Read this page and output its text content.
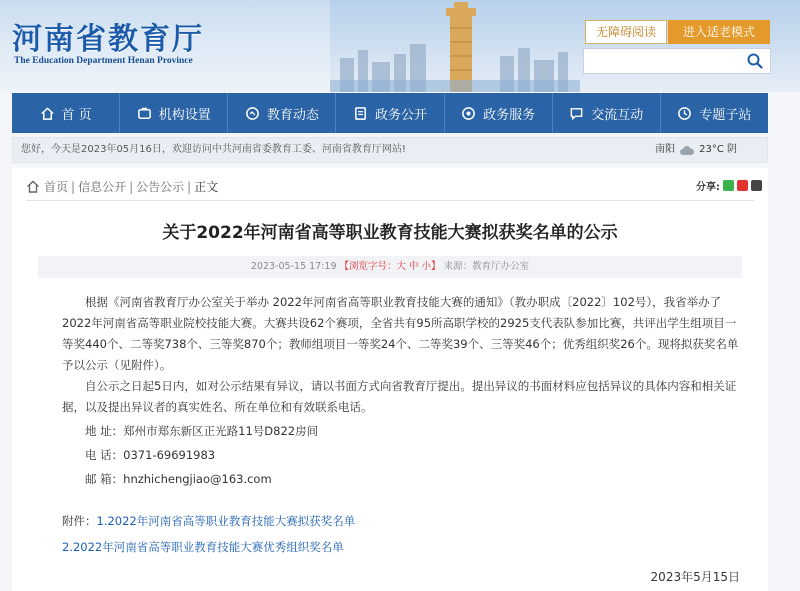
河南省教育厅
The Education Department Henan Province
无障碍阅读	进入适老模式
首 页	机构设置	教育动态	政务公开	政务服务	交流互动	专题子站
您好，今天是2023年05月16日，欢迎访问中共河南省委教育工委、河南省教育厅网站!	南阳 23°C 阴
首页 | 信息公开 | 公告公示 | 正文	分享:
关于2022年河南省高等职业教育技能大赛拟获奖名单的公示
2023-05-15 17:19 【浏览字号：大 中 小】 来源：教育厅办公室

根据《河南省教育厅办公室关于举办 2022年河南省高等职业教育技能大赛的通知》（教办职成〔2022〕102号），我省举办了2022年河南省高等职业院校技能大赛。大赛共设62个赛项，全省共有95所高职学校的2925支代表队参加比赛，共评出学生组项目一等奖440个、二等奖738个、三等奖870个；教师组项目一等奖24个、二等奖39个、三等奖46个；优秀组织奖26个。现将拟获奖名单予以公示（见附件）。

自公示之日起5日内，如对公示结果有异议，请以书面方式向省教育厅提出。提出异议的书面材料应包括异议的具体内容和相关证据，以及提出异议者的真实姓名、所在单位和有效联系电话。

地 址：郑州市郑东新区正光路11号D822房间

电 话：0371-69691983

邮 箱：hnzhichengjiao@163.com

附件：1.2022年河南省高等职业教育技能大赛拟获奖名单

2.2022年河南省高等职业教育技能大赛优秀组织奖名单

2023年5月15日
